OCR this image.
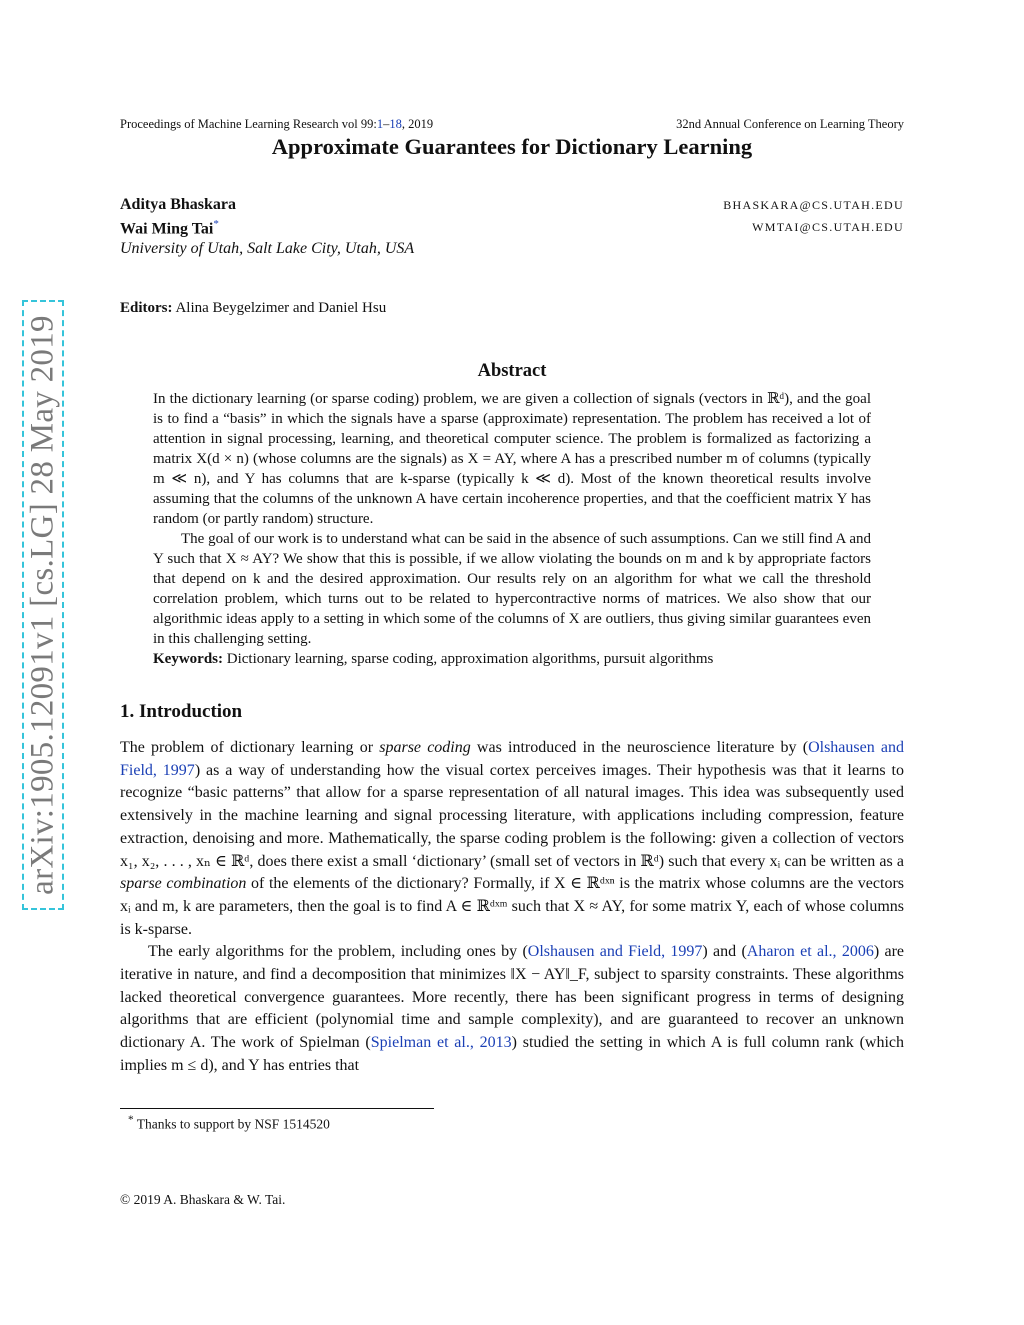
arXiv:1905.12091v1 [cs.LG] 28 May 2019
Proceedings of Machine Learning Research vol 99:1–18, 2019	32nd Annual Conference on Learning Theory
Approximate Guarantees for Dictionary Learning
Aditya Bhaskara	BHASKARA@CS.UTAH.EDU
Wai Ming Tai*	WMTAI@CS.UTAH.EDU
University of Utah, Salt Lake City, Utah, USA
Editors: Alina Beygelzimer and Daniel Hsu
Abstract

In the dictionary learning (or sparse coding) problem, we are given a collection of signals (vectors in ℝᵈ), and the goal is to find a “basis” in which the signals have a sparse (approximate) representation. The problem has received a lot of attention in signal processing, learning, and theoretical computer science. The problem is formalized as factorizing a matrix X(d × n) (whose columns are the signals) as X = AY, where A has a prescribed number m of columns (typically m ≪ n), and Y has columns that are k-sparse (typically k ≪ d). Most of the known theoretical results involve assuming that the columns of the unknown A have certain incoherence properties, and that the coefficient matrix Y has random (or partly random) structure.

The goal of our work is to understand what can be said in the absence of such assumptions. Can we still find A and Y such that X ≈ AY? We show that this is possible, if we allow violating the bounds on m and k by appropriate factors that depend on k and the desired approximation. Our results rely on an algorithm for what we call the threshold correlation problem, which turns out to be related to hypercontractive norms of matrices. We also show that our algorithmic ideas apply to a setting in which some of the columns of X are outliers, thus giving similar guarantees even in this challenging setting.

Keywords: Dictionary learning, sparse coding, approximation algorithms, pursuit algorithms

1. Introduction

The problem of dictionary learning or sparse coding was introduced in the neuroscience literature by (Olshausen and Field, 1997) as a way of understanding how the visual cortex perceives images. Their hypothesis was that it learns to recognize “basic patterns” that allow for a sparse representation of all natural images. This idea was subsequently used extensively in the machine learning and signal processing literature, with applications including compression, feature extraction, denoising and more. Mathematically, the sparse coding problem is the following: given a collection of vectors x₁, x₂, . . . , xₙ ∈ ℝᵈ, does there exist a small ‘dictionary’ (small set of vectors in ℝᵈ) such that every xᵢ can be written as a sparse combination of the elements of the dictionary? Formally, if X ∈ ℝᵈˣⁿ is the matrix whose columns are the vectors xᵢ and m, k are parameters, then the goal is to find A ∈ ℝᵈˣᵐ such that X ≈ AY, for some matrix Y, each of whose columns is k-sparse.

The early algorithms for the problem, including ones by (Olshausen and Field, 1997) and (Aharon et al., 2006) are iterative in nature, and find a decomposition that minimizes ‖X − AY‖_F, subject to sparsity constraints. These algorithms lacked theoretical convergence guarantees. More recently, there has been significant progress in terms of designing algorithms that are efficient (polynomial time and sample complexity), and are guaranteed to recover an unknown dictionary A. The work of Spielman (Spielman et al., 2013) studied the setting in which A is full column rank (which implies m ≤ d), and Y has entries that

* Thanks to support by NSF 1514520
© 2019 A. Bhaskara & W. Tai.
